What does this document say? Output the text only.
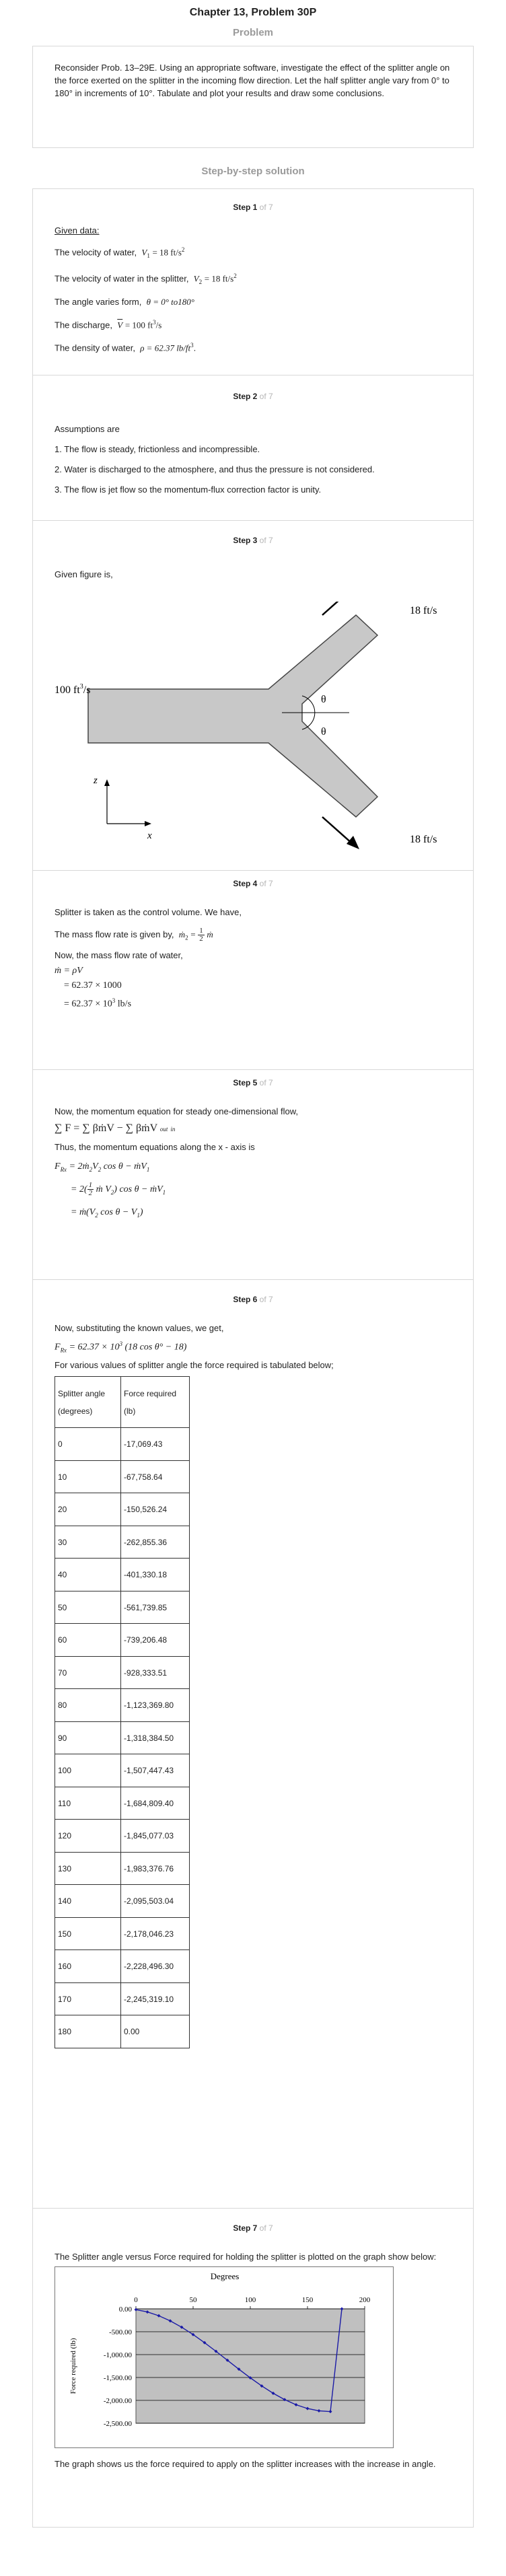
Chapter 13, Problem 30P
Problem

Reconsider Prob. 13–29E. Using an appropriate software, investigate the effect of the splitter angle on the force exerted on the splitter in the incoming flow direction. Let the half splitter angle vary from 0° to 180° in increments of 10°. Tabulate and plot your results and draw some conclusions.

Step-by-step solution
Step 1 of 7
Given data:
The velocity of water, $V_1 = 18$ $ft/s^2$
The velocity of water in the splitter, $V_2 = 18$ $ft/s^2$
The angle varies form, θ = 0° to180°
The discharge, $\overline{V} = 100$ $ft^3/s$
The density of water, ρ = 62.37 $lb/ft^3$.
Step 2 of 7
Assumptions are
1. The flow is steady, frictionless and incompressible.
2. Water is discharged to the atmosphere, and thus the pressure is not considered.
3. The flow is jet flow so the momentum-flux correction factor is unity.
Step 3 of 7
Given figure is,
θ
θ
100 $ft^3/s$
18 ft/s
18 ft/s
z
x
Step 4 of 7
Splitter is taken as the control volume. We have,
The mass flow rate is given by, ṁ$_2$ = $\frac{1}{2}$ ṁ
Now, the mass flow rate of water,
ṁ = ρV
= 62.37 × 1000
= $62.37 \times 10^3$ lb/s
Step 5 of 7
Now, the momentum equation for steady one-dimensional flow,
∑ F = ∑ βṁV − ∑ βṁV out in
Thus, the momentum equations along the x - axis is
$F_{Rx}$ = $2ṁ_2V_2$ cos θ − ṁV$_1$
= $2( \frac{1}{2}$ ṁ $V_2$) cos θ − ṁV$_1$
= $ṁ(V_2$ $\cos \theta - V_1$)
Step 6 of 7
Now, substituting the known values, we get,
$F_{Rx} = 62.37 \times 10^3$ (18 cos θ° − 18)
For various values of splitter angle the force required is tabulated below;
Splitter angle
(degrees)	Force required
(lb)
0	-17,069.43
10	-67,758.64
20	-150,526.24
30	-262,855.36
40	-401,330.18
50	-561,739.85
60	-739,206.48
70	-928,333.51
80	-1,123,369.80
90	-1,318,384.50
100	-1,507,447.43
110	-1,684,809.40
120	-1,845,077.03
130	-1,983,376.76
140	-2,095,503.04
150	-2,178,046.23
160	-2,228,496.30
170	-2,245,319.10
180	0.00
Step 7 of 7
The Splitter angle versus Force required for holding the splitter is plotted on the graph show below:
Degrees
0.00
-500.00
-1,000.00
-1,500.00
-2,000.00
-2,500.00
0	50	100	150	200
Force required (lb)
The graph shows us the force required to apply on the splitter increases with the increase in angle.
